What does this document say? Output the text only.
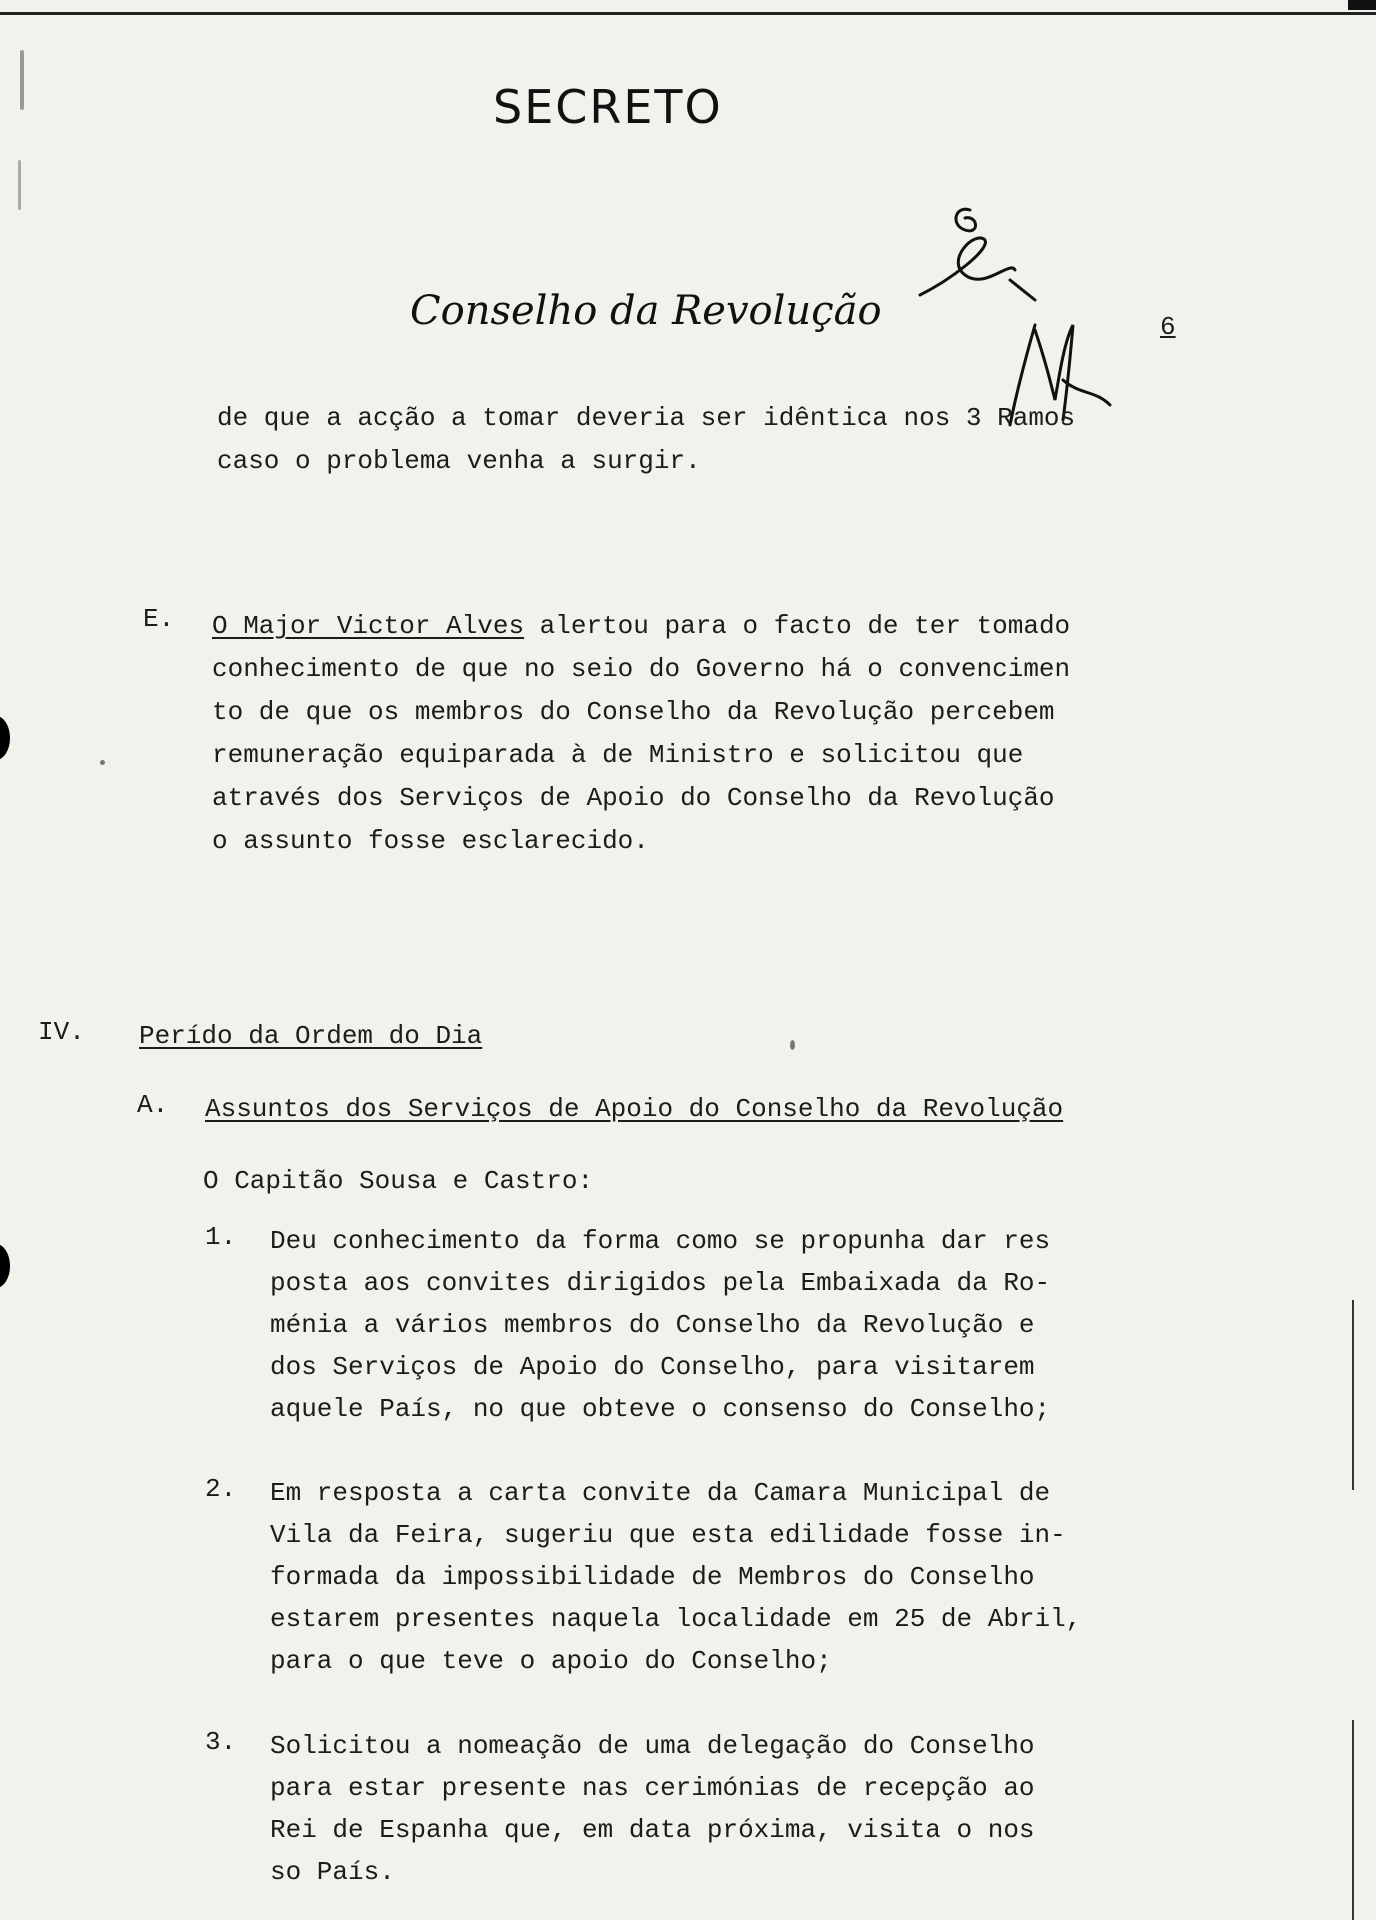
SECRETO
Conselho da Revolução	6
de que a acção a tomar deveria ser idêntica nos 3 Ramos
caso o problema venha a surgir.
E. O Major Victor Alves alertou para o facto de ter tomado
conhecimento de que no seio do Governo há o convencimen
to de que os membros do Conselho da Revolução percebem
remuneração equiparada à de Ministro e solicitou que
através dos Serviços de Apoio do Conselho da Revolução
o assunto fosse esclarecido.
IV. Perído da Ordem do Dia
A. Assuntos dos Serviços de Apoio do Conselho da Revolução
O Capitão Sousa e Castro:
1. Deu conhecimento da forma como se propunha dar res
posta aos convites dirigidos pela Embaixada da Ro-
ménia a vários membros do Conselho da Revolução e
dos Serviços de Apoio do Conselho, para visitarem
aquele País, no que obteve o consenso do Conselho;
2. Em resposta a carta convite da Camara Municipal de
Vila da Feira, sugeriu que esta edilidade fosse in-
formada da impossibilidade de Membros do Conselho
estarem presentes naquela localidade em 25 de Abril,
para o que teve o apoio do Conselho;
3. Solicitou a nomeação de uma delegação do Conselho
para estar presente nas cerimónias de recepção ao
Rei de Espanha que, em data próxima, visita o nos
so País.
